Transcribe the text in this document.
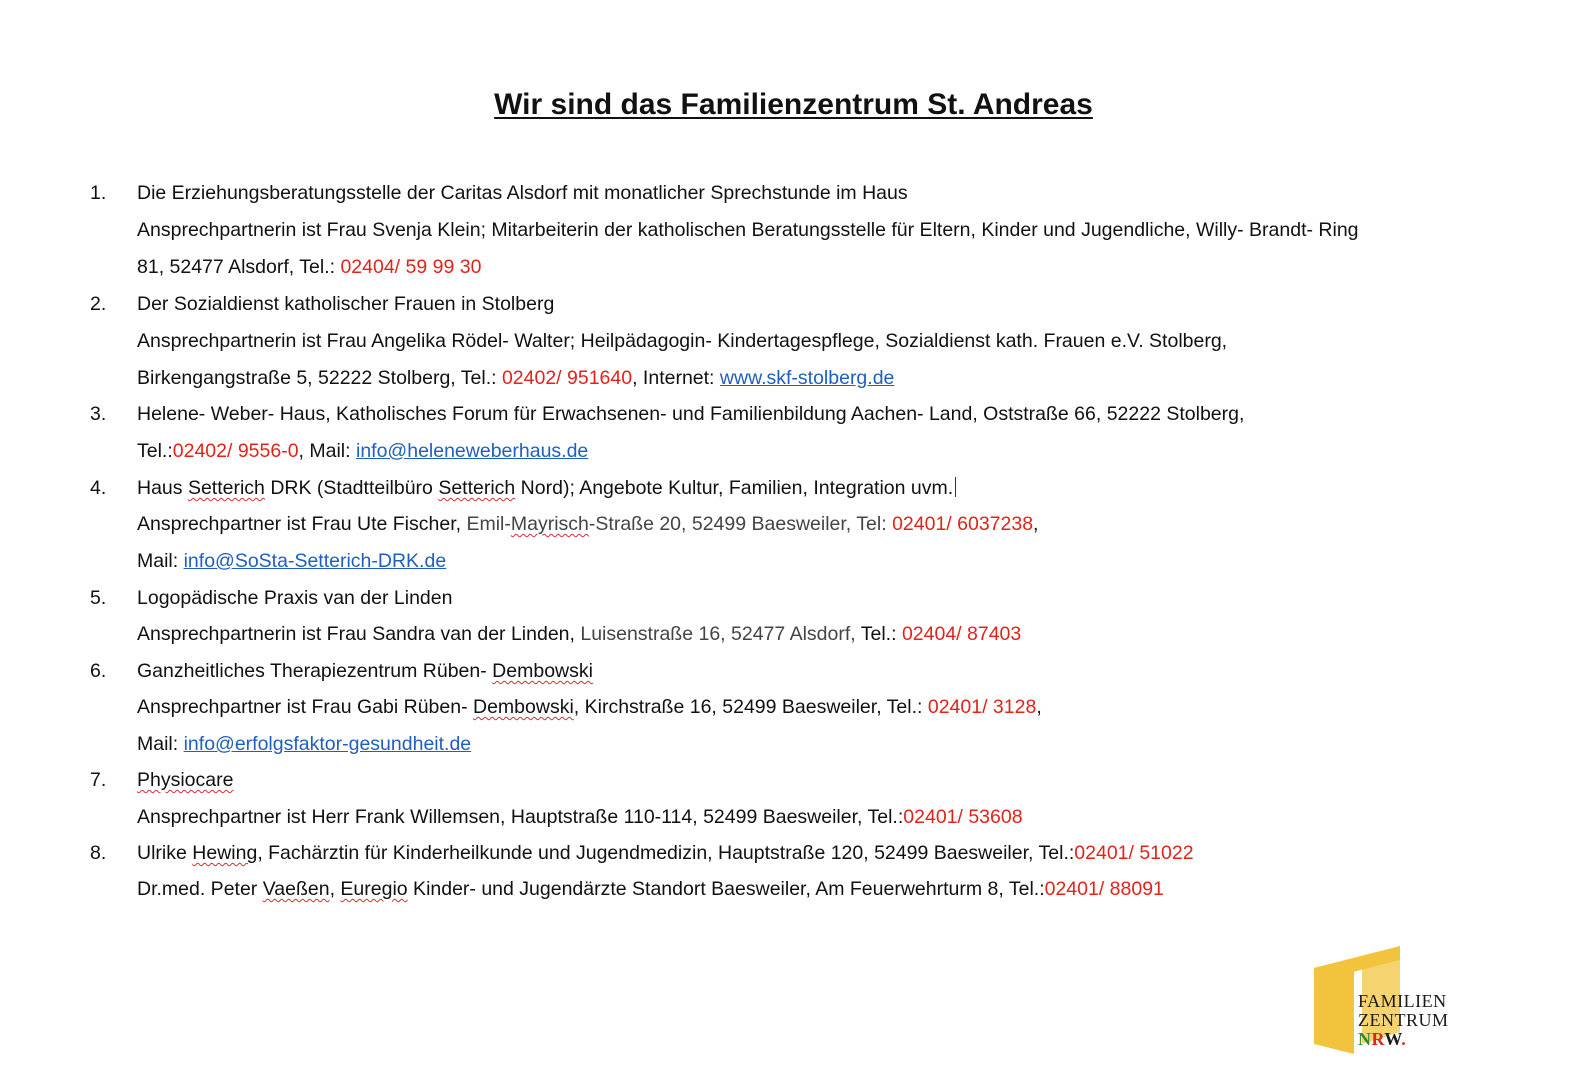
Wir sind das Familienzentrum St. Andreas
1. Die Erziehungsberatungsstelle der Caritas Alsdorf mit monatlicher Sprechstunde im Haus
Ansprechpartnerin ist Frau Svenja Klein; Mitarbeiterin der katholischen Beratungsstelle für Eltern, Kinder und Jugendliche, Willy- Brandt- Ring
81, 52477 Alsdorf, Tel.: 02404/ 59 99 30
2. Der Sozialdienst katholischer Frauen in Stolberg
Ansprechpartnerin ist Frau Angelika Rödel- Walter; Heilpädagogin- Kindertagespflege, Sozialdienst kath. Frauen e.V. Stolberg,
Birkengangstraße 5, 52222 Stolberg, Tel.: 02402/ 951640, Internet: www.skf-stolberg.de
3. Helene- Weber- Haus, Katholisches Forum für Erwachsenen- und Familienbildung Aachen- Land, Oststraße 66, 52222 Stolberg,
Tel.:02402/ 9556-0, Mail: info@heleneweberhaus.de
4. Haus Setterich DRK (Stadtteilbüro Setterich Nord); Angebote Kultur, Familien, Integration uvm.
Ansprechpartner ist Frau Ute Fischer, Emil-Mayrisch-Straße 20, 52499 Baesweiler, Tel: 02401/ 6037238,
Mail: info@SoSta-Setterich-DRK.de
5. Logopädische Praxis van der Linden
Ansprechpartnerin ist Frau Sandra van der Linden, Luisenstraße 16, 52477 Alsdorf, Tel.: 02404/ 87403
6. Ganzheitliches Therapiezentrum Rüben- Dembowski
Ansprechpartner ist Frau Gabi Rüben- Dembowski, Kirchstraße 16, 52499 Baesweiler, Tel.: 02401/ 3128,
Mail: info@erfolgsfaktor-gesundheit.de
7. Physiocare
Ansprechpartner ist Herr Frank Willemsen, Hauptstraße 110-114, 52499 Baesweiler, Tel.:02401/ 53608
8. Ulrike Hewing, Fachärztin für Kinderheilkunde und Jugendmedizin, Hauptstraße 120, 52499 Baesweiler, Tel.:02401/ 51022
Dr.med. Peter Vaeßen, Euregio Kinder- und Jugendärzte Standort Baesweiler, Am Feuerwehrturm 8, Tel.:02401/ 88091
FAMILIEN
ZENTRUM
NRW.
